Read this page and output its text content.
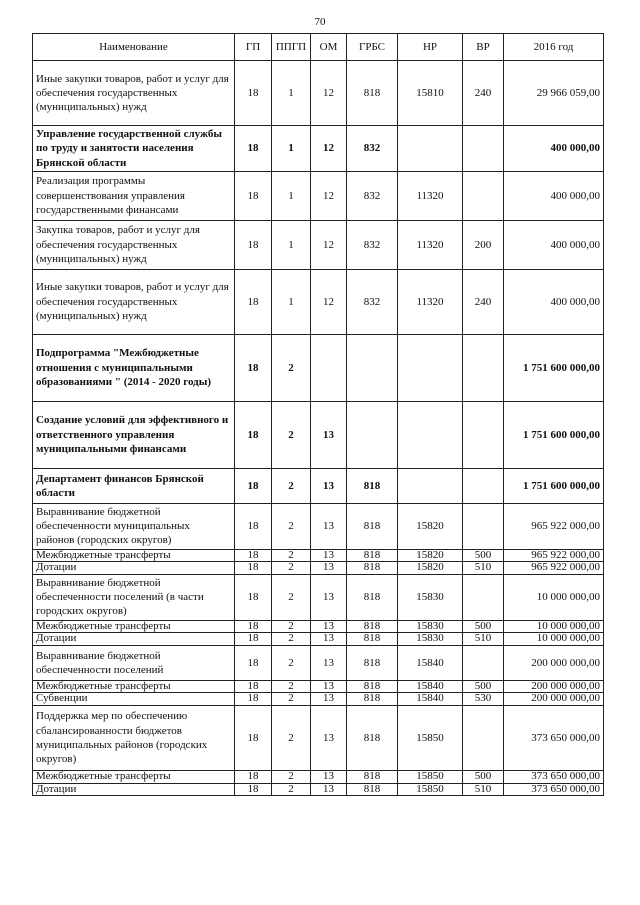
70
Наименование	ГП	ППГП	ОМ	ГРБС	НР	ВР	2016 год
Иные закупки товаров, работ и услуг для обеспечения государственных (муниципальных) нужд	18	1	12	818	15810	240	29 966 059,00
Управление государственной службы по труду и занятости населения Брянской области	18	1	12	832			400 000,00
Реализация программы совершенствования управления государственными финансами	18	1	12	832	11320		400 000,00
Закупка товаров, работ и услуг для обеспечения государственных (муниципальных) нужд	18	1	12	832	11320	200	400 000,00
Иные закупки товаров, работ и услуг для обеспечения государственных (муниципальных) нужд	18	1	12	832	11320	240	400 000,00
Подпрограмма "Межбюджетные отношения с муниципальными образованиями " (2014 - 2020 годы)	18	2					1 751 600 000,00
Создание условий для эффективного и ответственного управления муниципальными финансами	18	2	13				1 751 600 000,00
Департамент финансов Брянской области	18	2	13	818			1 751 600 000,00
Выравнивание бюджетной обеспеченности муниципальных районов (городских округов)	18	2	13	818	15820		965 922 000,00
Межбюджетные трансферты	18	2	13	818	15820	500	965 922 000,00
Дотации	18	2	13	818	15820	510	965 922 000,00
Выравнивание бюджетной обеспеченности поселений (в части городских округов)	18	2	13	818	15830		10 000 000,00
Межбюджетные трансферты	18	2	13	818	15830	500	10 000 000,00
Дотации	18	2	13	818	15830	510	10 000 000,00
Выравнивание бюджетной обеспеченности поселений	18	2	13	818	15840		200 000 000,00
Межбюджетные трансферты	18	2	13	818	15840	500	200 000 000,00
Субвенции	18	2	13	818	15840	530	200 000 000,00
Поддержка мер по обеспечению сбалансированности бюджетов муниципальных районов (городских округов)	18	2	13	818	15850		373 650 000,00
Межбюджетные трансферты	18	2	13	818	15850	500	373 650 000,00
Дотации	18	2	13	818	15850	510	373 650 000,00
